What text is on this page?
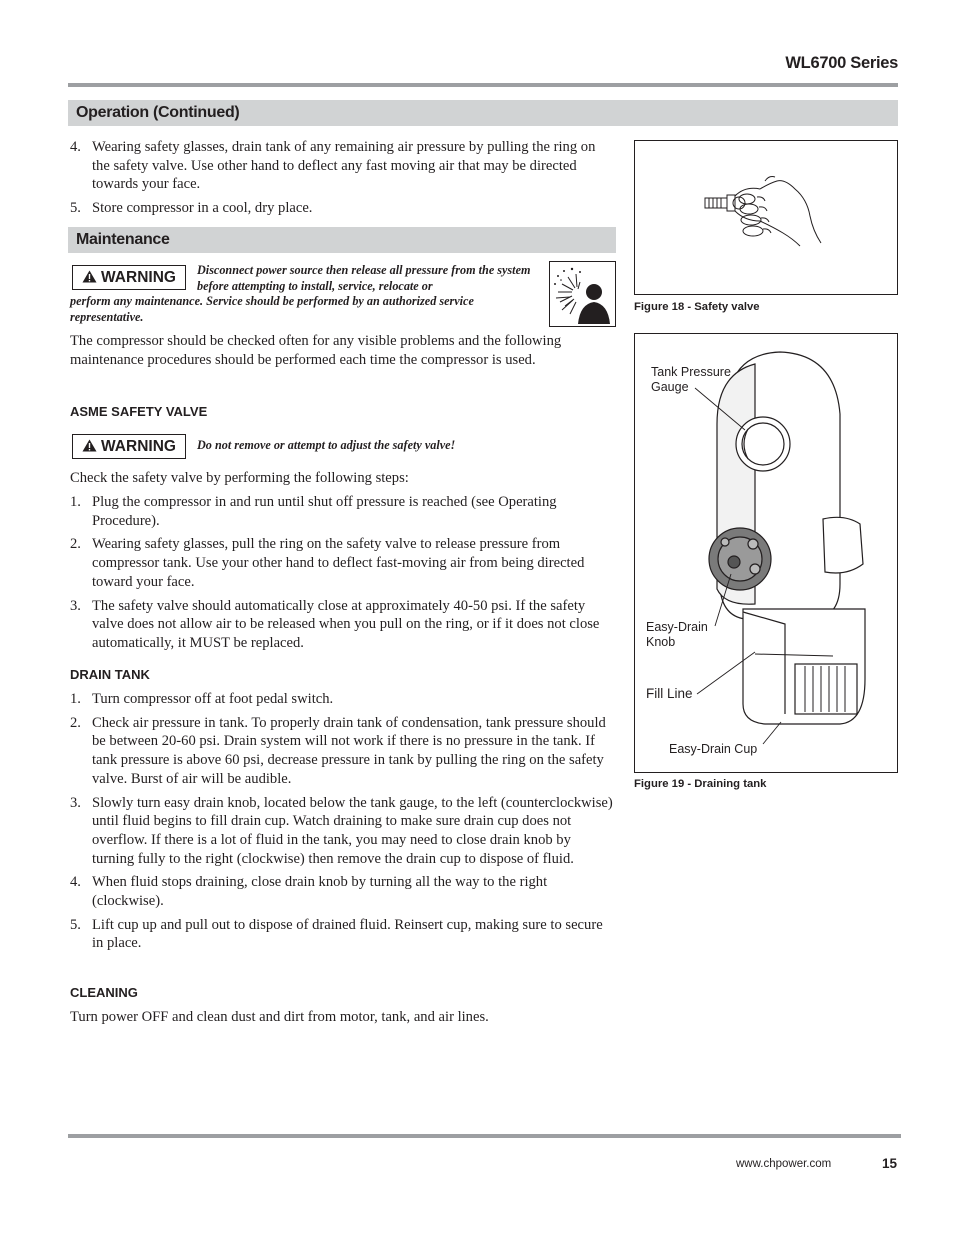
WL6700 Series
Operation (Continued)
4. Wearing safety glasses, drain tank of any remaining air pressure by pulling the ring on the safety valve. Use other hand to deflect any fast moving air that may be directed towards your face.
5. Store compressor in a cool, dry place.
Maintenance
WARNING Disconnect power source then release all pressure from the system before attempting to install, service, relocate or

perform any maintenance. Service should be performed by an authorized service representative.

The compressor should be checked often for any visible problems and the following maintenance procedures should be performed each time the compressor is used.

ASME SAFETY VALVE
WARNING Do not remove or attempt to adjust the safety valve!

Check the safety valve by performing the following steps:

1. Plug the compressor in and run until shut off pressure is reached (see Operating Procedure).
2. Wearing safety glasses, pull the ring on the safety valve to release pressure from compressor tank. Use your other hand to deflect fast-moving air from being directed toward your face.
3. The safety valve should automatically close at approximately 40-50 psi. If the safety valve does not allow air to be released when you pull on the ring, or if it does not close automatically, it MUST be replaced.
DRAIN TANK
1. Turn compressor off at foot pedal switch.
2. Check air pressure in tank. To properly drain tank of condensation, tank pressure should be between 20-60 psi. Drain system will not work if there is no pressure in the tank. If tank pressure is above 60 psi, decrease pressure in tank by pulling the ring on the safety valve. Burst of air will be audible.
3. Slowly turn easy drain knob, located below the tank gauge, to the left (counterclockwise) until fluid begins to fill drain cup. Watch draining to make sure drain cup does not overflow. If there is a lot of fluid in the tank, you may need to close drain knob by turning fully to the right (clockwise) then remove the drain cup to dispose of fluid.
4. When fluid stops draining, close drain knob by turning all the way to the right (clockwise).
5. Lift cup up and pull out to dispose of drained fluid. Reinsert cup, making sure to secure in place.
CLEANING

Turn power OFF and clean dust and dirt from motor, tank, and air lines.

Figure 18 - Safety valve
Tank Pressure
Gauge
Easy-Drain
Knob
Fill Line
Easy-Drain Cup
Figure 19 - Draining tank
www.chpower.com	15
